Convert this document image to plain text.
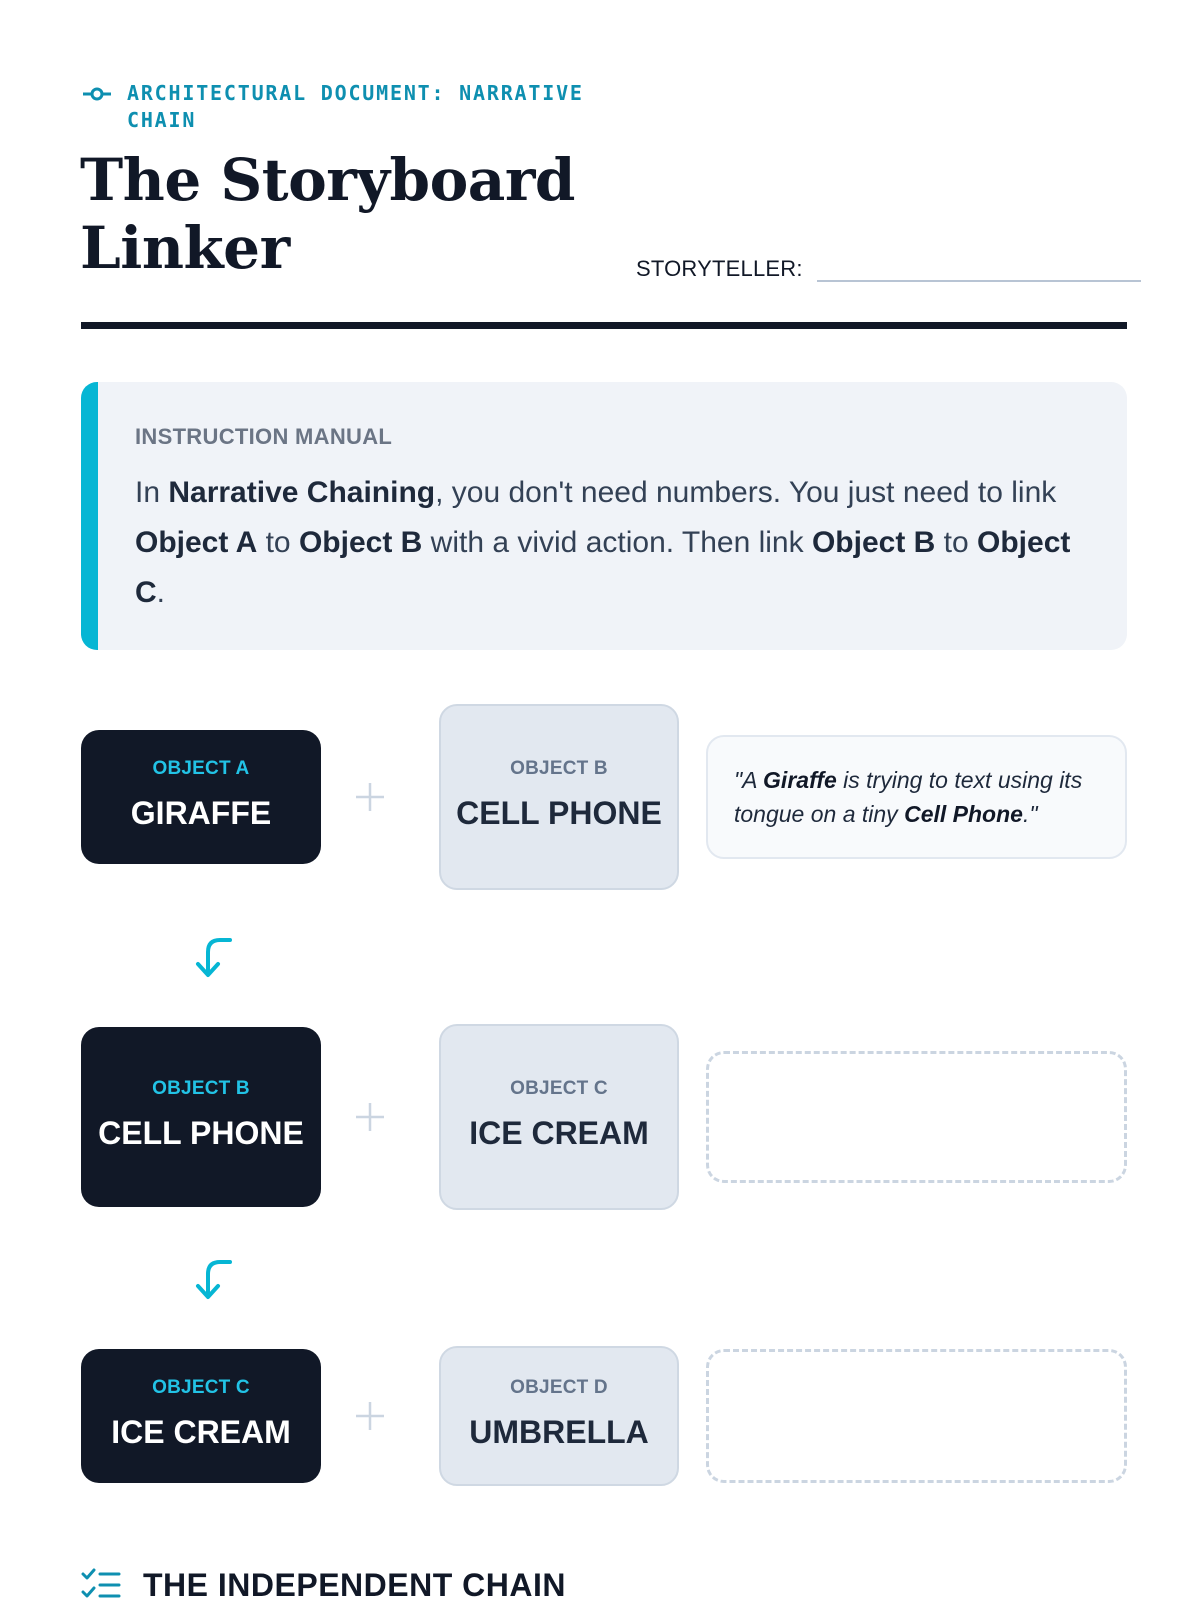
ARCHITECTURAL DOCUMENT: NARRATIVE CHAIN
The Storyboard Linker	STORYTELLER:
INSTRUCTION MANUAL

In Narrative Chaining, you don't need numbers. You just need to link Object A to Object B with a vivid action. Then link Object B to Object C.

OBJECT A
GIRAFFE
OBJECT B
CELL PHONE

"A Giraffe is trying to text using its tongue on a tiny Cell Phone."

OBJECT B
CELL PHONE
OBJECT C
ICE CREAM
OBJECT C
ICE CREAM
OBJECT D
UMBRELLA
THE INDEPENDENT CHAIN
